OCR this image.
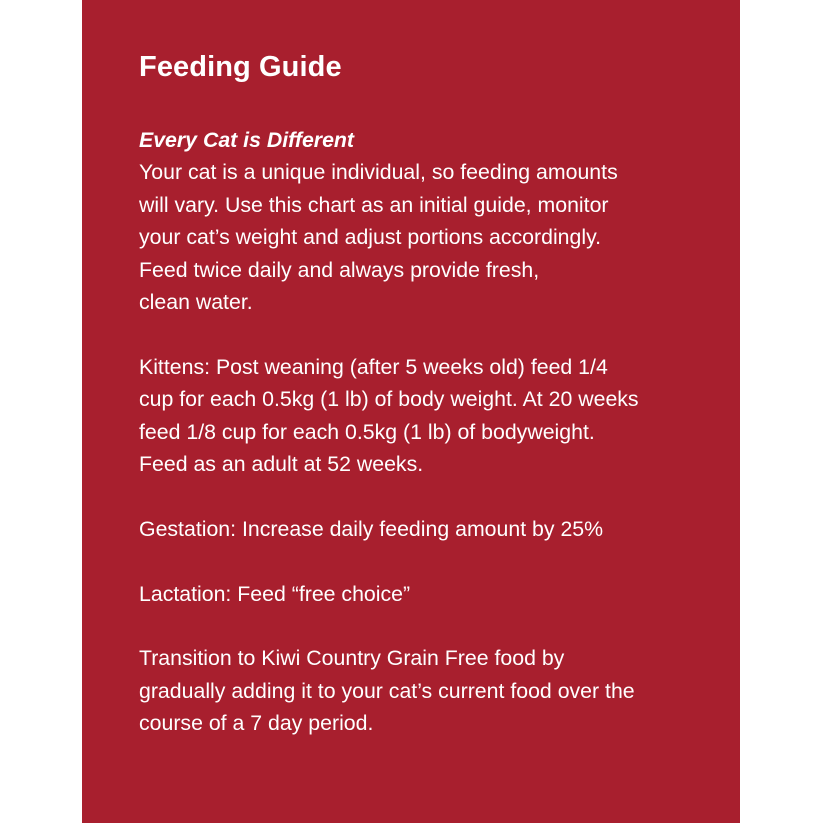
Feeding Guide
Every Cat is Different
Your cat is a unique individual, so feeding amounts
will vary. Use this chart as an initial guide, monitor
your cat’s weight and adjust portions accordingly.
Feed twice daily and always provide fresh,
clean water.
Kittens: Post weaning (after 5 weeks old) feed 1/4
cup for each 0.5kg (1 lb) of body weight. At 20 weeks
feed 1/8 cup for each 0.5kg (1 lb) of bodyweight.
Feed as an adult at 52 weeks.
Gestation: Increase daily feeding amount by 25%
Lactation: Feed “free choice”
Transition to Kiwi Country Grain Free food by
gradually adding it to your cat’s current food over the
course of a 7 day period.
